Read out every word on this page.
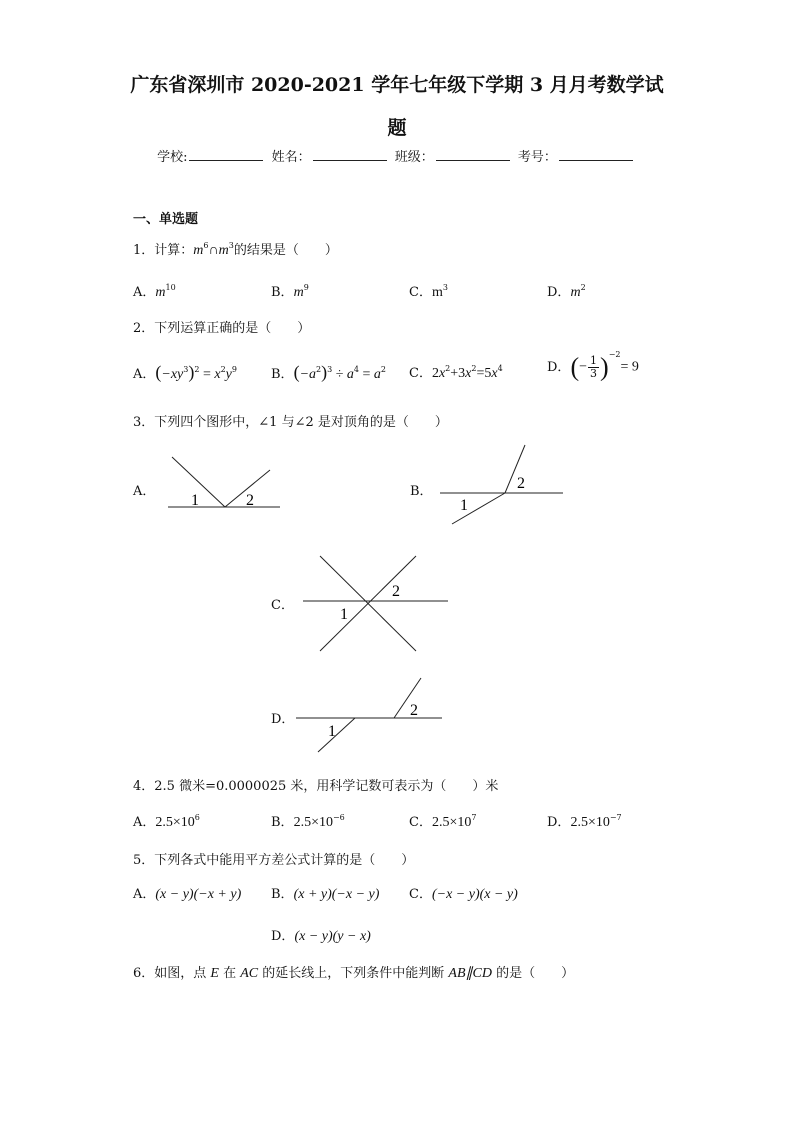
广东省深圳市 2020-2021 学年七年级下学期 3 月月考数学试
题
学校:	姓名：	班级：	考号：
一、单选题
1．计算：$m^6\cap m^3$的结果是（　　）
A．$m^{10}$	B．$m^9$	C．$m^3$	D．$m^2$
2．下列运算正确的是（　　）
A．$(-xy^3)^2 = x^2y^9$	B．$(-a^2)^3 \div a^4 = a^2$ C．$2x^2+3x^2=5x^4$	D．(− $\frac{1}{3} )^{-2}= 9$
3．下列四个图形中，∠1 与∠2 是对顶角的是（　　）
A．
1	2
B．	2
1
C．
2
1
D．
2
1
4．2.5 微米=0.0000025 米，用科学记数可表示为（　　）米
A．$2.5\times 10^6$	B．$2.5\times 10^{-6}$	C．$2.5\times 10^7$	D．$2.5\times 10^{-7}$
5．下列各式中能用平方差公式计算的是（　　）
A．(x − y)(−x + y) B．(x + y)(−x − y) C．(−x − y)(x − y)
D．(x − y)(y − x)
6．如图，点 E 在 AC 的延长线上，下列条件中能判断 AB∥CD 的是（　　）
